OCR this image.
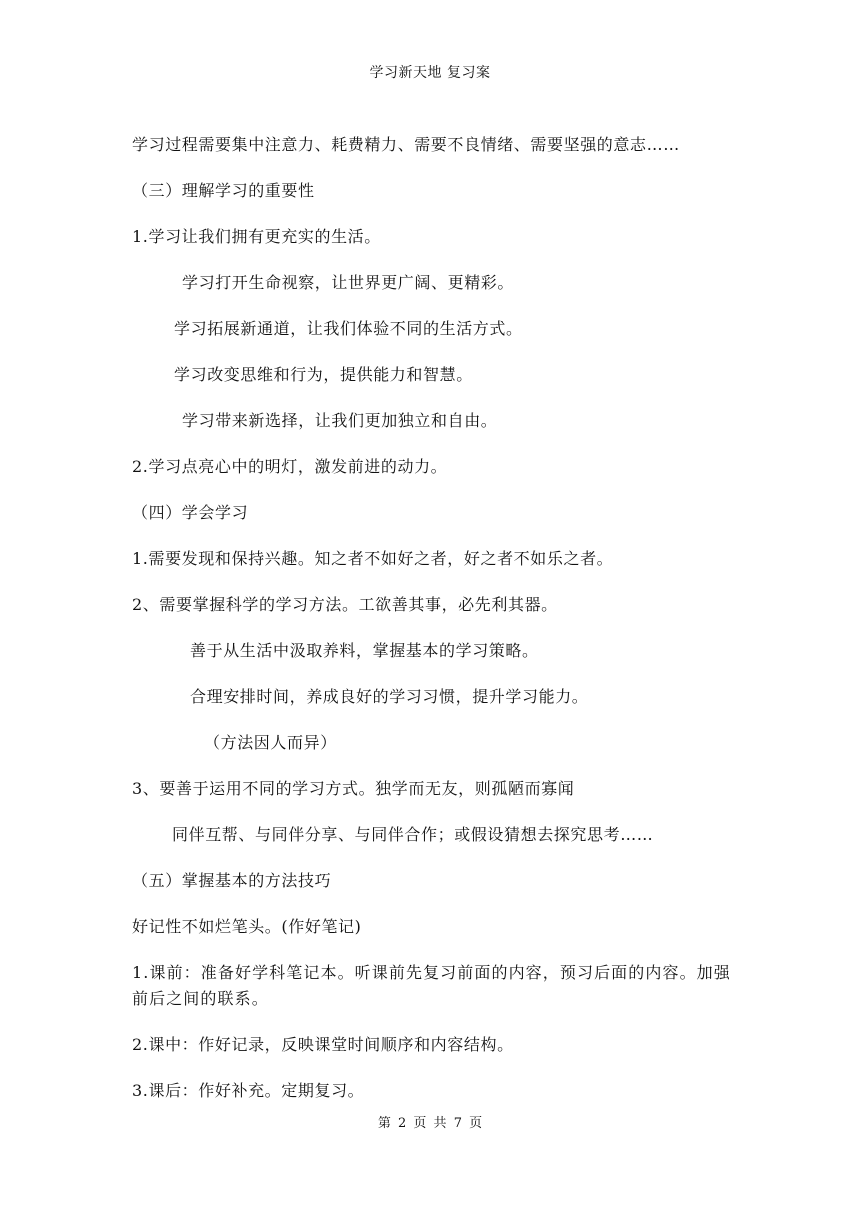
学习新天地 复习案

学习过程需要集中注意力、耗费精力、需要不良情绪、需要坚强的意志……

（三）理解学习的重要性

1.学习让我们拥有更充实的生活。

学习打开生命视察，让世界更广阔、更精彩。

学习拓展新通道，让我们体验不同的生活方式。

学习改变思维和行为，提供能力和智慧。

学习带来新选择，让我们更加独立和自由。

2.学习点亮心中的明灯，激发前进的动力。

（四）学会学习

1.需要发现和保持兴趣。知之者不如好之者，好之者不如乐之者。

2、需要掌握科学的学习方法。工欲善其事，必先利其器。

善于从生活中汲取养料，掌握基本的学习策略。

合理安排时间，养成良好的学习习惯，提升学习能力。

（方法因人而异）

3、要善于运用不同的学习方式。独学而无友，则孤陋而寡闻

同伴互帮、与同伴分享、与同伴合作；或假设猜想去探究思考……

（五）掌握基本的方法技巧

好记性不如烂笔头。(作好笔记)

1.课前：准备好学科笔记本。听课前先复习前面的内容，预习后面的内容。加强前后之间的联系。

2.课中：作好记录，反映课堂时间顺序和内容结构。

3.课后：作好补充。定期复习。

第 2 页 共 7 页
